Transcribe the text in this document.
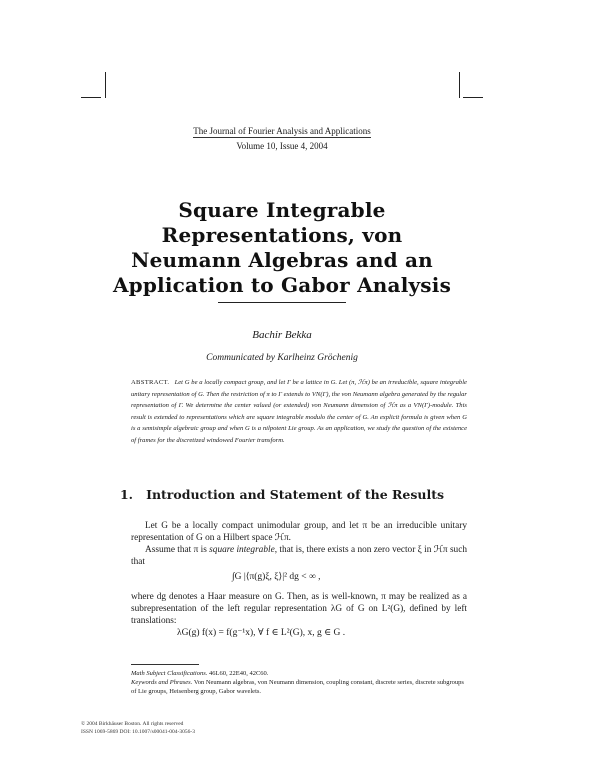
The Journal of Fourier Analysis and Applications
Volume 10, Issue 4, 2004
Square Integrable
Representations, von
Neumann Algebras and an
Application to Gabor Analysis
Bachir Bekka
Communicated by Karlheinz Gröchenig
ABSTRACT. Let G be a locally compact group, and let Γ be a lattice in G. Let (π, ℋπ) be an irreducible, square integrable unitary representation of G. Then the restriction of π to Γ extends to VN(Γ), the von Neumann algebra generated by the regular representation of Γ. We determine the center valued (or extended) von Neumann dimension of ℋπ as a VN(Γ)-module. This result is extended to representations which are square integrable modulo the center of G. An explicit formula is given when G is a semisimple algebraic group and when G is a nilpotent Lie group. As an application, we study the question of the existence of frames for the discretized windowed Fourier transform.
1. Introduction and Statement of the Results
Let G be a locally compact unimodular group, and let π be an irreducible unitary representation of G on a Hilbert space ℋπ.
Assume that π is square integrable, that is, there exists a non zero vector ξ in ℋπ such that
∫G |⟨π(g)ξ, ξ⟩|² dg < ∞ ,
where dg denotes a Haar measure on G. Then, as is well-known, π may be realized as a subrepresentation of the left regular representation λG of G on L²(G), defined by left translations:
λG(g) f(x) = f(g⁻¹x), ∀ f ∈ L²(G), x, g ∈ G .
Math Subject Classifications. 46L60, 22E40, 42C60.
Keywords and Phrases. Von Neumann algebras, von Neumann dimension, coupling constant, discrete series, discrete subgroups of Lie groups, Heisenberg group, Gabor wavelets.
© 2004 Birkhäuser Boston. All rights reserved
ISSN 1069-5869 DOI: 10.1007/s00041-004-3056-3
